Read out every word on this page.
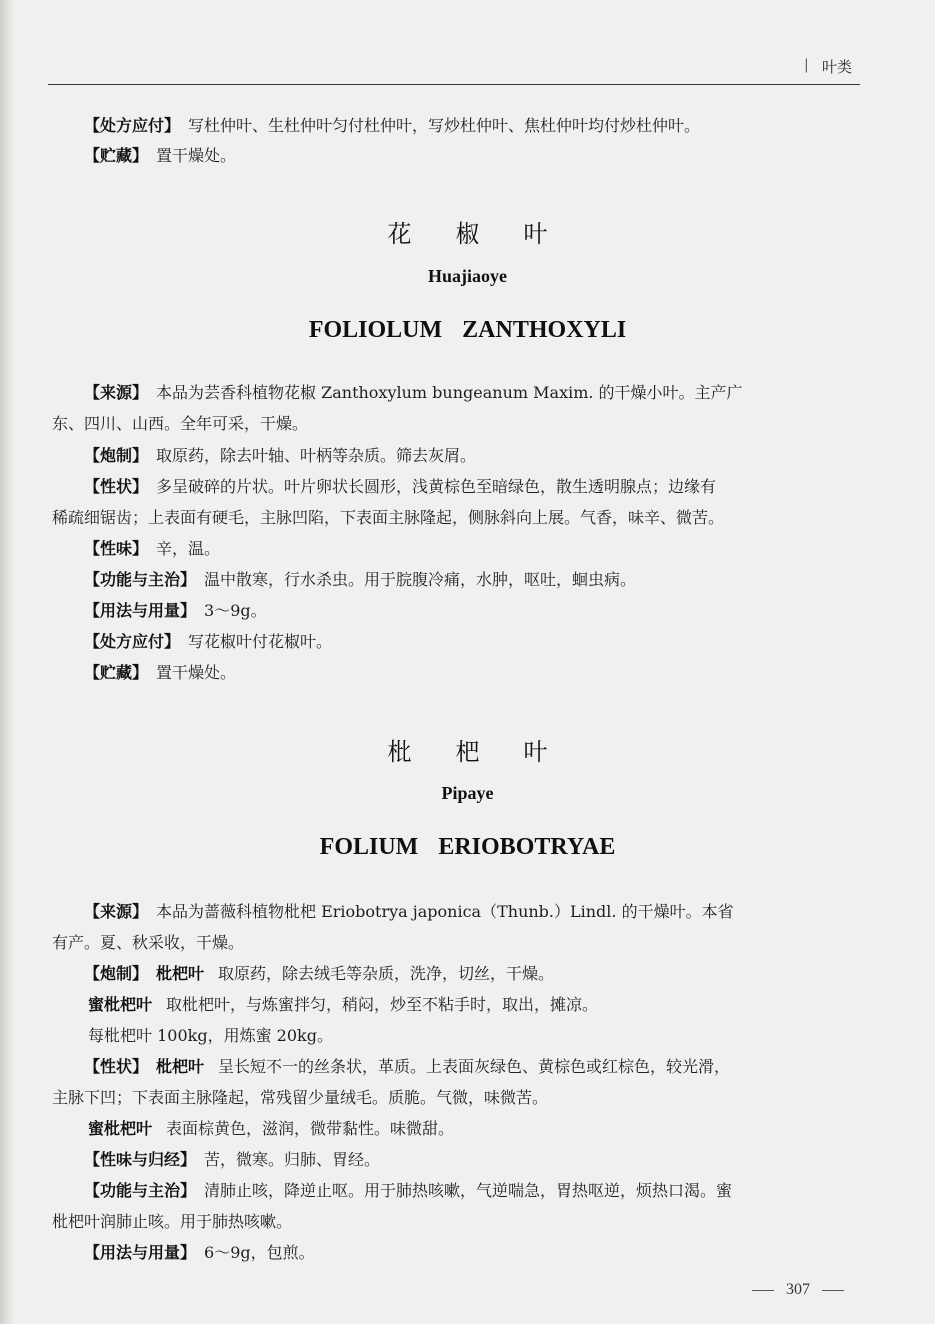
| 叶类
【处方应付】 写杜仲叶、生杜仲叶匀付杜仲叶，写炒杜仲叶、焦杜仲叶均付炒杜仲叶。
【贮藏】 置干燥处。
花椒叶
Huajiaoye
FOLIOLUM ZANTHOXYLI
【来源】 本品为芸香科植物花椒 Zanthoxylum bungeanum Maxim. 的干燥小叶。主产广
东、四川、山西。全年可采，干燥。
【炮制】 取原药，除去叶轴、叶柄等杂质。筛去灰屑。
【性状】 多呈破碎的片状。叶片卵状长圆形，浅黄棕色至暗绿色，散生透明腺点；边缘有
稀疏细锯齿；上表面有硬毛，主脉凹陷，下表面主脉隆起，侧脉斜向上展。气香，味辛、微苦。
【性味】 辛，温。
【功能与主治】 温中散寒，行水杀虫。用于脘腹冷痛，水肿，呕吐，蛔虫病。
【用法与用量】 3～9g。
【处方应付】 写花椒叶付花椒叶。
【贮藏】 置干燥处。
枇杷叶
Pipaye
FOLIUM ERIOBOTRYAE
【来源】 本品为蔷薇科植物枇杷 Eriobotrya japonica（Thunb.）Lindl. 的干燥叶。本省
有产。夏、秋采收，干燥。
【炮制】 枇杷叶 取原药，除去绒毛等杂质，洗净，切丝，干燥。
蜜枇杷叶 取枇杷叶，与炼蜜拌匀，稍闷，炒至不粘手时，取出，摊凉。
每枇杷叶 100kg，用炼蜜 20kg。
【性状】 枇杷叶 呈长短不一的丝条状，革质。上表面灰绿色、黄棕色或红棕色，较光滑，
主脉下凹；下表面主脉隆起，常残留少量绒毛。质脆。气微，味微苦。
蜜枇杷叶 表面棕黄色，滋润，微带黏性。味微甜。
【性味与归经】 苦，微寒。归肺、胃经。
【功能与主治】 清肺止咳，降逆止呕。用于肺热咳嗽，气逆喘急，胃热呕逆，烦热口渴。蜜
枇杷叶润肺止咳。用于肺热咳嗽。
【用法与用量】 6～9g，包煎。
307
